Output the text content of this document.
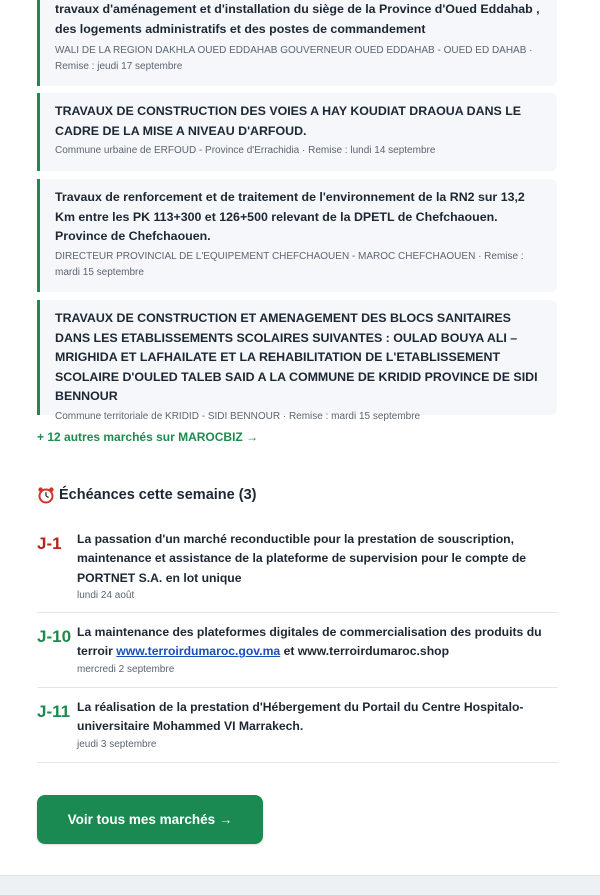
travaux d'aménagement et d'installation du siège de la Province d'Oued Eddahab , des logements administratifs et des postes de commandement
WALI DE LA REGION DAKHLA OUED EDDAHAB GOUVERNEUR OUED EDDAHAB - OUED ED DAHAB · Remise : jeudi 17 septembre
TRAVAUX DE CONSTRUCTION DES VOIES A HAY KOUDIAT DRAOUA DANS LE CADRE DE LA MISE A NIVEAU D'ARFOUD.
Commune urbaine de ERFOUD - Province d'Errachidia · Remise : lundi 14 septembre
Travaux de renforcement et de traitement de l'environnement de la RN2 sur 13,2 Km entre les PK 113+300 et 126+500 relevant de la DPETL de Chefchaouen. Province de Chefchaouen.
DIRECTEUR PROVINCIAL DE L'EQUIPEMENT CHEFCHAOUEN - MAROC CHEFCHAOUEN · Remise : mardi 15 septembre
TRAVAUX DE CONSTRUCTION ET AMENAGEMENT DES BLOCS SANITAIRES DANS LES ETABLISSEMENTS SCOLAIRES SUIVANTES : OULAD BOUYA ALI – MRIGHIDA ET LAFHAILATE ET LA REHABILITATION DE L'ETABLISSEMENT SCOLAIRE D'OULED TALEB SAID A LA COMMUNE DE KRIDID PROVINCE DE SIDI BENNOUR
Commune territoriale de KRIDID - SIDI BENNOUR · Remise : mardi 15 septembre
+ 12 autres marchés sur MAROCBIZ →
Échéances cette semaine (3)
J-1 La passation d'un marché reconductible pour la prestation de souscription, maintenance et assistance de la plateforme de supervision pour le compte de PORTNET S.A. en lot unique
lundi 24 août
J-10 La maintenance des plateformes digitales de commercialisation des produits du terroir www.terroirdumaroc.gov.ma et www.terroirdumaroc.shop
mercredi 2 septembre
J-11 La réalisation de la prestation d'Hébergement du Portail du Centre Hospitalo-universitaire Mohammed VI Marrakech.
jeudi 3 septembre
Voir tous mes marchés →
